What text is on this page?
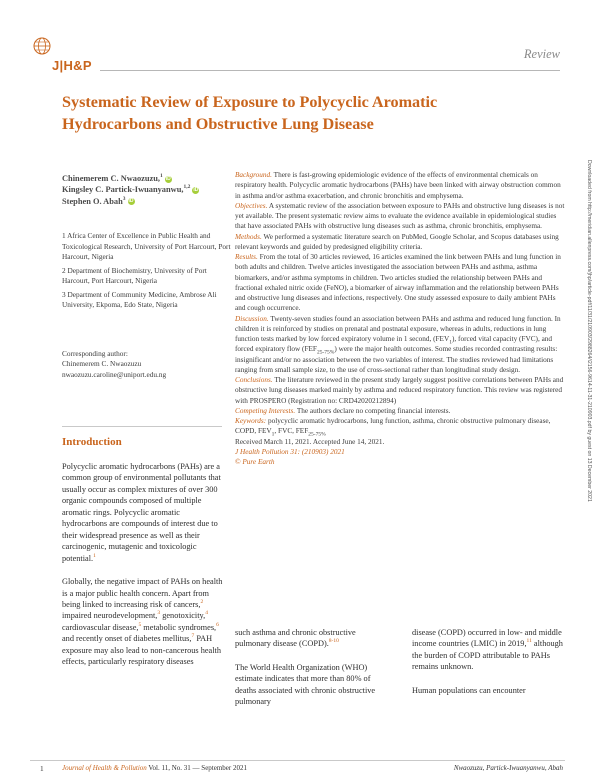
J|H&P
Review
Systematic Review of Exposure to Polycyclic Aromatic Hydrocarbons and Obstructive Lung Disease
Chinemerem C. Nwaozuzu,$^1$ iD
Kingsley C. Partick-Iwuanyanwu,$^{1,2}$ iD
Stephen O. Abah$^3$ iD

1 Africa Center of Excellence in Public Health and Toxicological Research, University of Port Harcourt, Port Harcourt, Nigeria

2 Department of Biochemistry, University of Port Harcourt, Port Harcourt, Nigeria

3 Department of Community Medicine, Ambrose Ali University, Ekpoma, Edo State, Nigeria

Corresponding author:
Chinemerem C. Nwaozuzu
nwaozuzu.caroline@uniport.edu.ng

Background. There is fast-growing epidemiologic evidence of the effects of environmental chemicals on respiratory health. Polycyclic aromatic hydrocarbons (PAHs) have been linked with airway obstruction common in asthma and/or asthma exacerbation, and chronic bronchitis and emphysema.

Objectives. A systematic review of the association between exposure to PAHs and obstructive lung diseases is not yet available. The present systematic review aims to evaluate the evidence available in epidemiological studies that have associated PAHs with obstructive lung diseases such as asthma, chronic bronchitis, emphysema.

Methods. We performed a systematic literature search on PubMed, Google Scholar, and Scopus databases using relevant keywords and guided by predesigned eligibility criteria.

Results. From the total of 30 articles reviewed, 16 articles examined the link between PAHs and lung function in both adults and children. Twelve articles investigated the association between PAHs and asthma, asthma biomarkers, and/or asthma symptoms in children. Two articles studied the relationship between PAHs and fractional exhaled nitric oxide (FeNO), a biomarker of airway inflammation and the relationship between PAHs and obstructive lung diseases and infections, respectively. One study assessed exposure to daily ambient PAHs and cough occurrence.

Discussion. Twenty-seven studies found an association between PAHs and asthma and reduced lung function. In children it is reinforced by studies on prenatal and postnatal exposure, whereas in adults, reductions in lung function tests marked by low forced expiratory volume in 1 second, $(FEV_1)$, forced vital capacity (FVC), and forced expiratory flow $(FEF_{25-75\%})$ were the major health outcomes. Some studies recorded contrasting results: insignificant and/or no association between the two variables of interest. The studies reviewed had limitations ranging from small sample size, to the use of cross-sectional rather than longitudinal study design.

Conclusions. The literature reviewed in the present study largely suggest positive correlations between PAHs and obstructive lung diseases marked mainly by asthma and reduced respiratory function. This review was registered with PROSPERO (Registration no: CRD42020212894)

Competing Interests. The authors declare no competing financial interests.

Keywords: polycyclic aromatic hydrocarbons, lung function, asthma, chronic obstructive pulmonary disease, COPD, $FEV_1$, FVC, $FEF_{25-75\%}$

Received March 11, 2021. Accepted June 14, 2021.

J Health Pollution 31: (210903) 2021

© Pure Earth

Introduction

Polycyclic aromatic hydrocarbons (PAHs) are a common group of environmental pollutants that usually occur as complex mixtures of over 300 organic compounds composed of multiple aromatic rings. Polycyclic aromatic hydrocarbons are compounds of interest due to their widespread presence as well as their carcinogenic, mutagenic and toxicologic potential.$^1$

Globally, the negative impact of PAHs on health is a major public health concern. Apart from being linked to increasing risk of cancers,$^2$ impaired neurodevelopment,$^3$ genotoxicity,$^4$ cardiovascular disease,$^5$ metabolic syndromes,$^6$ and recently onset of diabetes mellitus,$^7$ PAH exposure may also lead to non-cancerous health effects, particularly respiratory diseases

such asthma and chronic obstructive pulmonary disease (COPD).$^{8-10}$

The World Health Organization (WHO) estimate indicates that more than 80% of deaths associated with chronic obstructive pulmonary

disease (COPD) occurred in low- and middle income countries (LMIC) in 2019,11 although the burden of COPD attributable to PAHs remains unknown.

Human populations can encounter

Downloaded from http://meridian.allenpress.com/jhp/article-pdf/11/31/210903/2988264/i2156-9614-11-31-210903.pdf by guest on 13 December 2021
1	Journal of Health & Pollution Vol. 11, No. 31 — September 2021	Nwaozuzu, Partick-Iwuanyanwu, Abah
